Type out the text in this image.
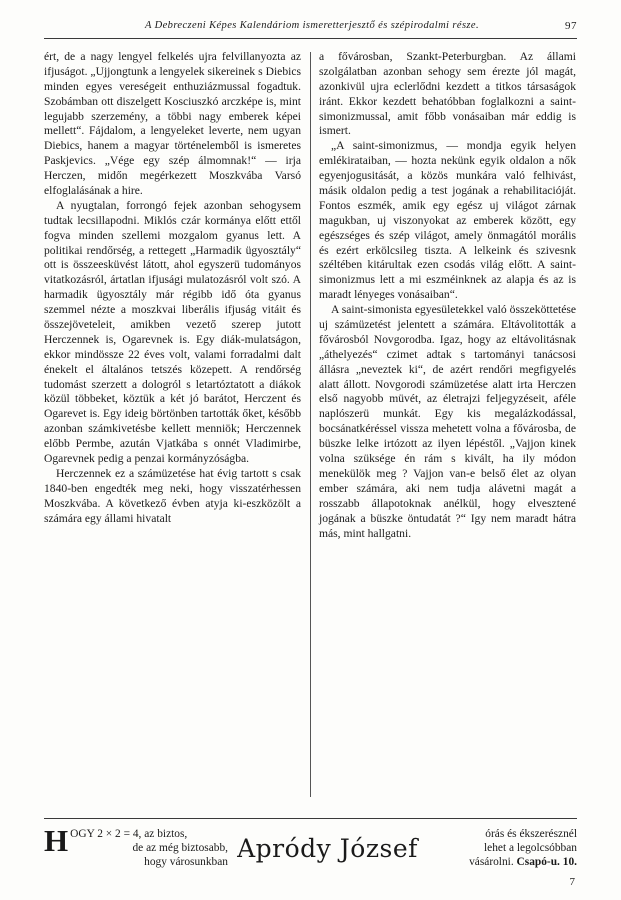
A Debreczeni Képes Kalendáriom ismeretterjesztő és szépirodalmi része.	97

ért, de a nagy lengyel felkelés ujra felvillanyozta az ifjuságot. „Ujjongtunk a lengyelek sikereinek s Diebics minden egyes vereségeit enthuziázmussal fogadtuk. Szobámban ott diszelgett Kosciuszkó arczképe is, mint legujabb szerzemény, a többi nagy emberek képei mellett“. Fájdalom, a lengyeleket leverte, nem ugyan Diebics, hanem a magyar történelemből is ismeretes Paskjevics. „Vége egy szép álmomnak!“ — irja Herczen, midőn megérkezett Moszkvába Varsó elfoglalásának a hire.

A nyugtalan, forrongó fejek azonban sehogysem tudtak lecsillapodni. Miklós czár kormánya előtt ettől fogva minden szellemi mozgalom gyanus lett. A politikai rendőrség, a rettegett „Harmadik ügyosztály“ ott is összeesküvést látott, ahol egyszerü tudományos vitatkozásról, ártatlan ifjusági mulatozásról volt szó. A harmadik ügyosztály már régibb idő óta gyanus szemmel nézte a moszkvai liberális ifjuság vitáit és összejöveteleit, amikben vezető szerep jutott Herczennek is, Ogarevnek is. Egy diák-mulatságon, ekkor mindössze 22 éves volt, valami forradalmi dalt énekelt el általános tetszés közepett. A rendőrség tudomást szerzett a dologról s letartóztatott a diákok közül többeket, köztük a két jó barátot, Herczent és Ogarevet is. Egy ideig börtönben tartották őket, később azonban számkivetésbe kellett menniök; Herczennek előbb Permbe, azután Vjatkába s onnét Vladimirbe, Ogarevnek pedig a penzai kormányzóságba.

Herczennek ez a számüzetése hat évig tartott s csak 1840-ben engedték meg neki, hogy visszatérhessen Moszkvába. A következő évben atyja ki-eszközölt a számára egy állami hivatalt

a fővárosban, Szankt-Peterburgban. Az állami szolgálatban azonban sehogy sem érezte jól magát, azonkivül ujra eclerlődni kezdett a titkos társaságok iránt. Ekkor kezdett behatóbban foglalkozni a saint-simonizmussal, amit főbb vonásaiban már eddig is ismert.

„A saint-simonizmus, — mondja egyik helyen emlékirataiban, — hozta nekünk egyik oldalon a nők egyenjogusitását, a közös munkára való felhivást, másik oldalon pedig a test jogának a rehabilitacióját. Fontos eszmék, amik egy egész uj világot zárnak magukban, uj viszonyokat az emberek között, egy egészséges és szép világot, amely önmagától morális és ezért erkölcsileg tiszta. A lelkeink és szivesnk széltében kitárultak ezen csodás világ előtt. A saint-simonizmus lett a mi eszméinknek az alapja és az is maradt lényeges vonásaiban“.

A saint-simonista egyesületekkel való összeköttetése uj számüzetést jelentett a számára. Eltávolitották a fővárosból Novgorodba. Igaz, hogy az eltávolitásnak „áthelyezés“ czimet adtak s tartományi tanácsosi állásra „neveztek ki“, de azért rendőri megfigyelés alatt állott. Novgorodi számüzetése alatt irta Herczen első nagyobb müvét, az életrajzi feljegyzéseit, aféle naplószerü munkát. Egy kis megalázkodással, bocsánatkéréssel vissza mehetett volna a fővárosba, de büszke lelke irtózott az ilyen lépéstől. „Vajjon kinek volna szüksége én rám s kivált, ha ily módon menekülök meg ? Vajjon van-e belső élet az olyan ember számára, aki nem tudja alávetni magát a rosszabb állapotoknak anélkül, hogy elvesztené jogának a büszke öntudatát ?“ Igy nem maradt hátra más, mint hallgatni.

H OGY 2 × 2 = 4, az biztos,
de az még biztosabb,
hogy városunkban Apródy József	órás és ékszerésznél
lehet a legolcsóbban
vásárolni. Csapó-u. 10.
7
